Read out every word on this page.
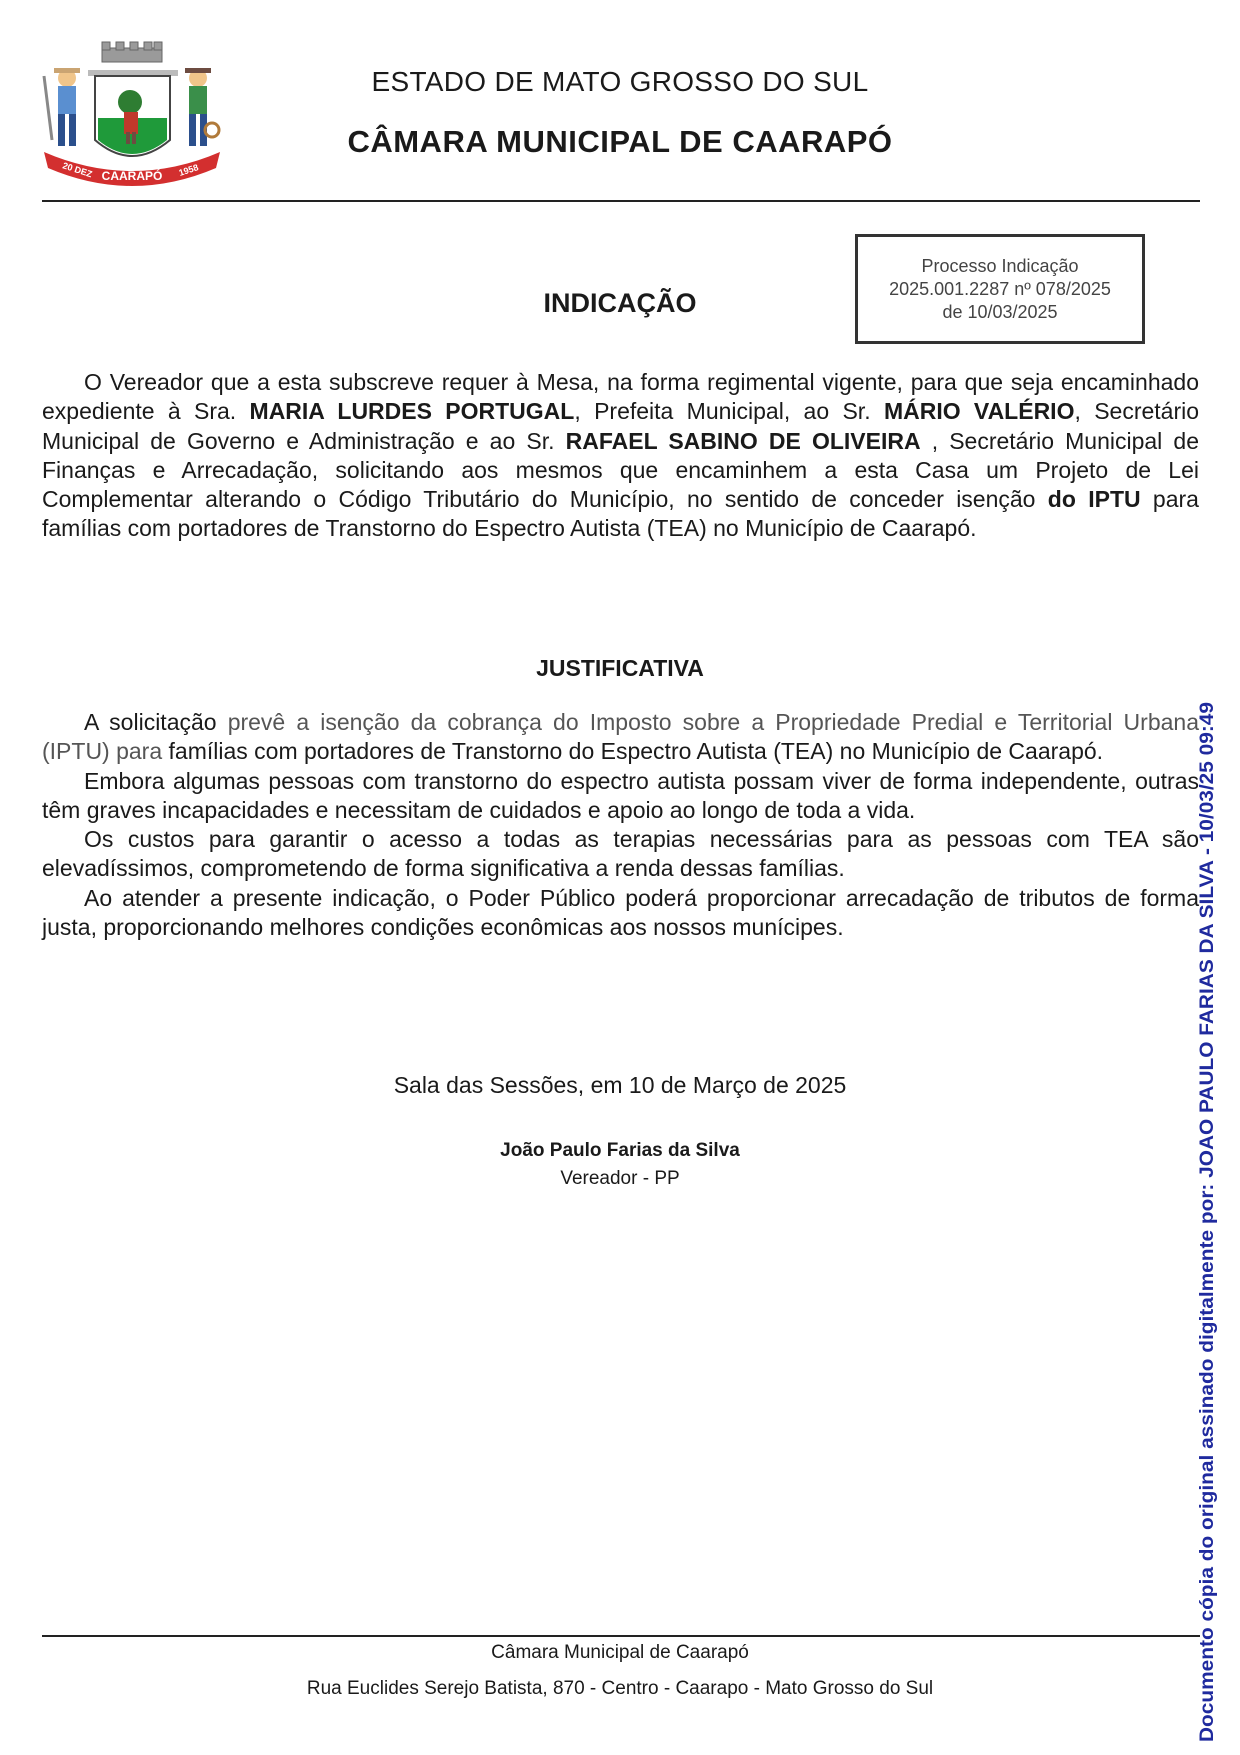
20 DEZ CAARAPÓ 1958
ESTADO DE MATO GROSSO DO SUL
CÂMARA MUNICIPAL DE CAARAPÓ
Processo Indicação
2025.001.2287 nº 078/2025
de 10/03/2025
INDICAÇÃO

O Vereador que a esta subscreve requer à Mesa, na forma regimental vigente, para que seja encaminhado expediente à Sra. MARIA LURDES PORTUGAL, Prefeita Municipal, ao Sr. MÁRIO VALÉRIO, Secretário Municipal de Governo e Administração e ao Sr. RAFAEL SABINO DE OLIVEIRA , Secretário Municipal de Finanças e Arrecadação, solicitando aos mesmos que encaminhem a esta Casa um Projeto de Lei Complementar alterando o Código Tributário do Município, no sentido de conceder isenção do IPTU para famílias com portadores de Transtorno do Espectro Autista (TEA) no Município de Caarapó.

JUSTIFICATIVA

A solicitação prevê a isenção da cobrança do Imposto sobre a Propriedade Predial e Territorial Urbana (IPTU) para famílias com portadores de Transtorno do Espectro Autista (TEA) no Município de Caarapó.

Embora algumas pessoas com transtorno do espectro autista possam viver de forma independente, outras têm graves incapacidades e necessitam de cuidados e apoio ao longo de toda a vida.

Os custos para garantir o acesso a todas as terapias necessárias para as pessoas com TEA são elevadíssimos, comprometendo de forma significativa a renda dessas famílias.

Ao atender a presente indicação, o Poder Público poderá proporcionar arrecadação de tributos de forma justa, proporcionando melhores condições econômicas aos nossos munícipes.

Sala das Sessões, em 10 de Março de 2025
João Paulo Farias da Silva
Vereador - PP
Câmara Municipal de Caarapó
Rua Euclides Serejo Batista, 870 - Centro - Caarapo - Mato Grosso do Sul	Documento cópia do original assinado digitalmente por: JOAO PAULO FARIAS DA SILVA - 10/03/25 09:49
